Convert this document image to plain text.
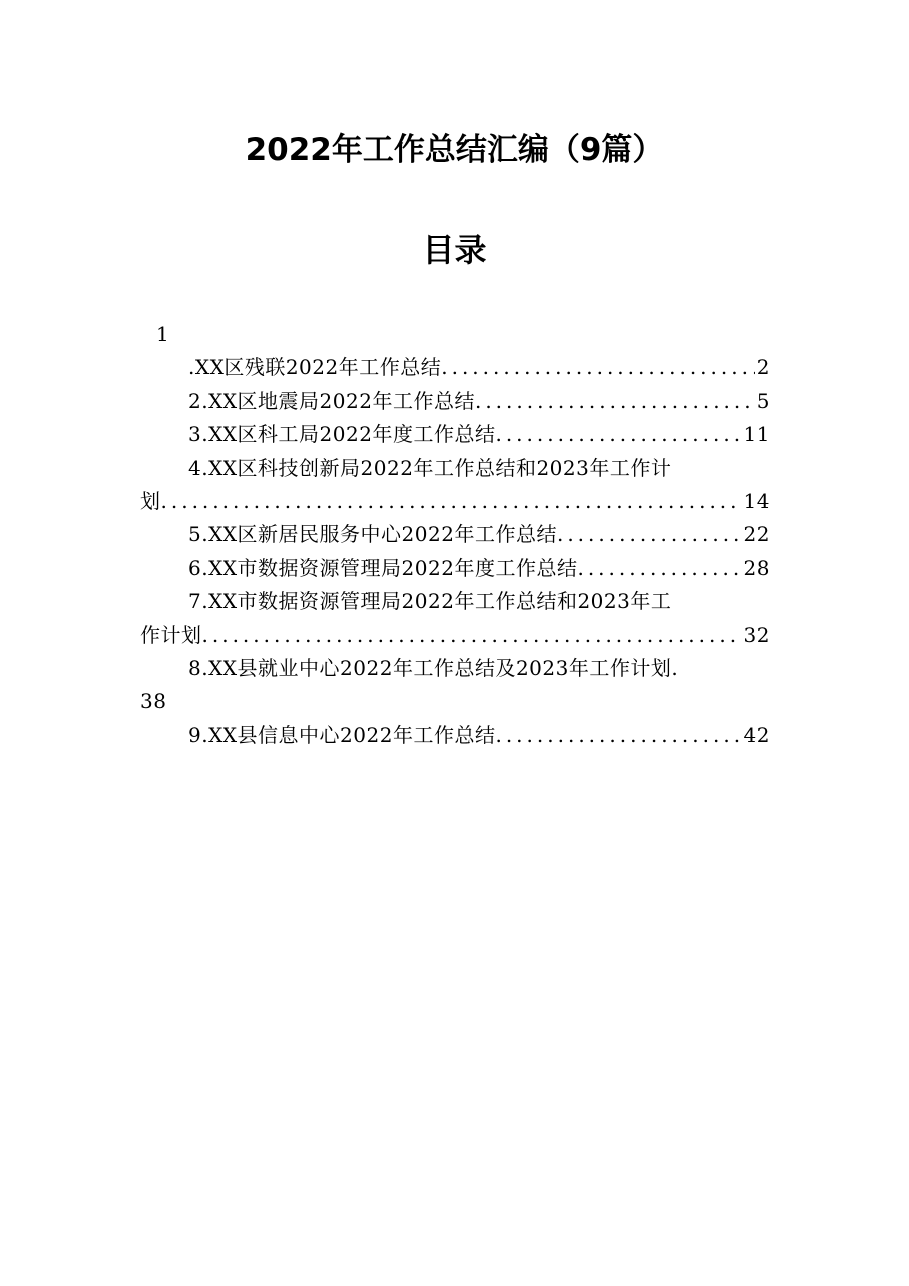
2022年工作总结汇编（9篇）
目录
1
.XX区残联2022年工作总结 .....	2
2.XX区地震局2022年工作总结 .....	5
3.XX区科工局2022年度工作总结 .....	11
4.XX区科技创新局2022年工作总结和2023年工作计
划 .....	14
5.XX区新居民服务中心2022年工作总结 .....	22
6.XX市数据资源管理局2022年度工作总结 .....	28
7.XX市数据资源管理局2022年工作总结和2023年工
作计划 .....	32
8.XX县就业中心2022年工作总结及2023年工作计划.
38
9.XX县信息中心2022年工作总结 .....	42
